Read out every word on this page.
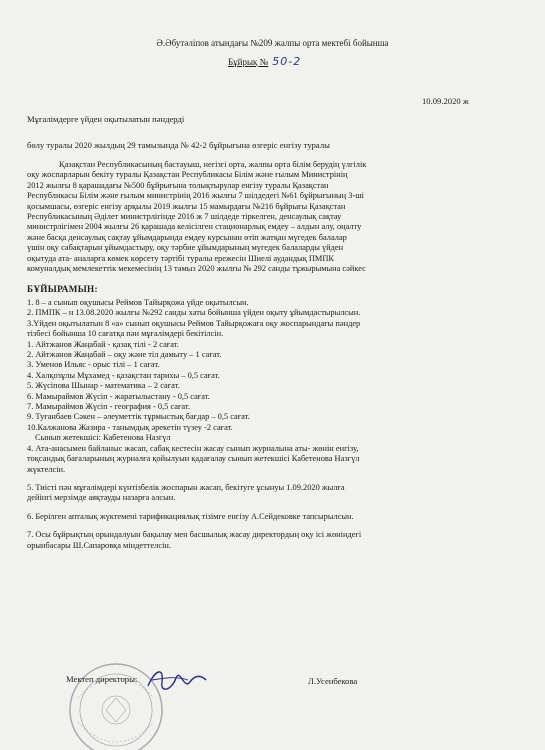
Ә.Әбутәліпов атындағы №209 жалпы орта мектебі бойынша
Бұйрық № 50-2
10.09.2020 ж
Мұғалімдерге үйден оқытылатын пәндерді
бөлу туралы 2020 жылдың 29 тамызында № 42-2 бұйрығына өзгеріс енгізу туралы
Қазақстан Республикасының бастауыш, негізгі орта, жалпы орта білім берудің үлгілік
оқу жоспарларын бекіту туралы Қазақстан Республикасы Білім және ғылым Министрінің
2012 жылғы 8 қарашадағы №500 бұйрығына толықтырулар енгізу туралы Қазақстан
Республикасы Білім және ғылым министрінің 2016 жылғы 7 шілдедегі №61 бұйрығының 3-ші
қосымшасы, өзгеріс енгізу арқылы 2019 жылғы 15 мамырдағы №216 бұйрығы Қазақстан
Республикасының Әділет министрлігінде 2016 ж 7 шілдеде тіркелген, денсаулық сақтау
министрлігімен 2004 жылғы 26 қарашада келісілген стационарлық емдеу – алдын алу, оңалту
және басқа денсаулық сақтау ұйымдарында емдеу курсынан өтіп жатқан мүгедек балалар
үшін оқу сабақтарын ұйымдастыру, оқу тәрбие ұйымдарының мүгедек балаларды үйден
оқытуда ата- аналарға көмек көрсету тәртібі туралы ережесін Шиелі аудандық ПМПК
комуналдық мемлекеттік мекемесінің 13 тамыз 2020 жылғы № 292 санды тұжырымына сәйкес
БҰЙЫРАМЫН:
1. 8 – а сынып оқушысы Реймов Тайырқожа үйде оқытылсын.
2. ПМПК – н 13.08.2020 жылғы №292 санды хаты бойынша үйден оқыту ұйымдастырылсын.
3.Үйден оқытылатын 8 «а» сынып оқушысы Реймов Тайырқожаға оқу жоспарындағы пәндер
тізбесі бойынша 10 сағатқа пән мұғалімдері бекітілсін.
1. Айтжанов Жаңабай - қазақ тілі - 2 сағат.
2. Айтжанов Жаңабай – оқу және тіл дамыту – 1 сағат.
3. Уменов Ильяс - орыс тілі – 1 сағат.
4. Халқозұлы Мұхамед - қазақстан тарихы – 0,5 сағат.
5. Жүсіпова Шынар - математика – 2 сағат.
6. Мамыраймов Жүсіп - жаратылыстану - 0,5 сағат.
7. Мамыраймов Жүсіп - география - 0,5 сағат.
9. Туғанбаев Сәкен – әлеуметтік тұрмыстық бағдар – 0,5 сағат.
10.Калжанова Жазира - танымдық әрекетін түзеу -2 сағат.
Сынып жетекшісі: Кабетенова Назгүл
4. Ата-анасымен байланыс жасап, сабақ кестесін жасау сынып журналына аты- жөнін енгізу,
тоқсандық бағаларының журналға қойылуын қадағалау сынып жетекшісі Кабетенова Назгүл
жүктелсін.
5. Тиісті пән мұғалімдері күнтізбелік жоспарын жасап, бекітуге ұсынуы 1.09.2020 жылға
дейінгі мерзімде аяқтауды назарға алсын.
6. Берілген апталық жүктемені тарификациялық тізімге енгізу А.Сейдековке тапсырылсын.
7. Осы бұйрықтың орындалуын бақылау мен басшылық жасау директордың оқу ісі жөніндегі
орынбасары Ш.Сапаровқа міндеттелсін.
Мектеп директоры:	Л.Усенбекова
